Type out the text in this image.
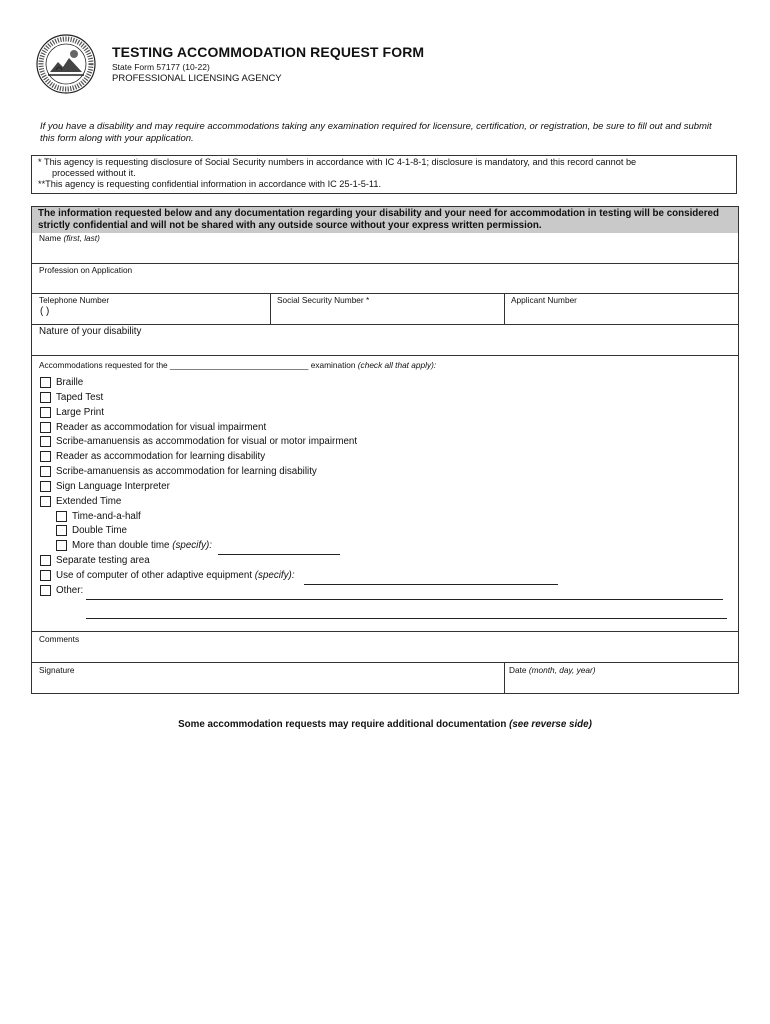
TESTING ACCOMMODATION REQUEST FORM
State Form 57177 (10-22)
PROFESSIONAL LICENSING AGENCY
If you have a disability and may require accommodations taking any examination required for licensure, certification, or registration, be sure to fill out and submit this form along with your application.
* This agency is requesting disclosure of Social Security numbers in accordance with IC 4-1-8-1; disclosure is mandatory, and this record cannot be
processed without it.
**This agency is requesting confidential information in accordance with IC 25-1-5-11.
The information requested below and any documentation regarding your disability and your need for accommodation in testing will be considered strictly confidential and will not be shared with any outside source without your express written permission.
Name (first, last)
Profession on Application
Telephone Number
( )
Social Security Number *	Applicant Number
Nature of your disability
Accommodations requested for the ______________________________ examination (check all that apply):
Braille
Taped Test
Large Print
Reader as accommodation for visual impairment
Scribe-amanuensis as accommodation for visual or motor impairment
Reader as accommodation for learning disability
Scribe-amanuensis as accommodation for learning disability
Sign Language Interpreter
Extended Time
Time-and-a-half
Double Time
More than double time (specify):
Separate testing area
Use of computer of other adaptive equipment (specify):
Other:
Comments
Signature	Date (month, day, year)
Some accommodation requests may require additional documentation (see reverse side)
